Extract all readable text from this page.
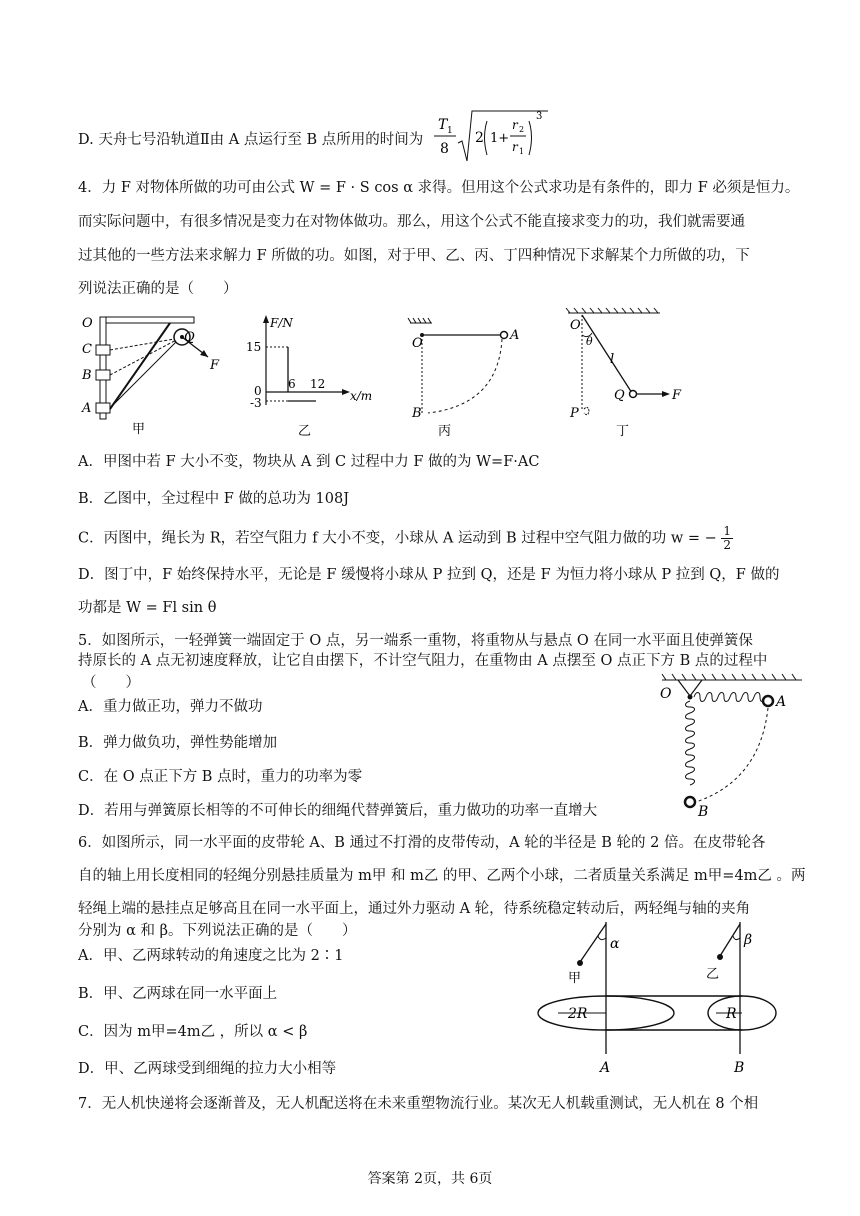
D. 天舟七号沿轨道Ⅱ由 A 点运行至 B 点所用的时间为
T 1
8
2 1+
r 2
r 1
3
4．力 F 对物体所做的功可由公式 W = F · S cos α 求得。但用这个公式求功是有条件的，即力 F 必须是恒力。
而实际问题中，有很多情况是变力在对物体做功。那么，用这个公式不能直接求变力的功，我们就需要通
过其他的一些方法来求解力 F 所做的功。如图，对于甲、乙、丙、丁四种情况下求解某个力所做的功，下
列说法正确的是（　　）
O
C
B
A
Q
F
甲
F/N
x/m
15
0
-3
6 12
乙
O
A
B
丙
O
θ
l
Q	F
P
丁
A．甲图中若 F 大小不变，物块从 A 到 C 过程中力 F 做的为 W=F·AC
B．乙图中，全过程中 F 做的总功为 108J
C．丙图中，绳长为 R，若空气阻力 f 大小不变，小球从 A 运动到 B 过程中空气阻力做的功 w = − $\frac{1}{2}$
D．图丁中，F 始终保持水平，无论是 F 缓慢将小球从 P 拉到 Q，还是 F 为恒力将小球从 P 拉到 Q，F 做的
功都是 W = Fl sin θ
5．如图所示，一轻弹簧一端固定于 O 点，另一端系一重物，将重物从与悬点 O 在同一水平面且使弹簧保
持原长的 A 点无初速度释放，让它自由摆下，不计空气阻力，在重物由 A 点摆至 O 点正下方 B 点的过程中
（　　）
A．重力做正功，弹力不做功
B．弹力做负功，弹性势能增加
C．在 O 点正下方 B 点时，重力的功率为零
D．若用与弹簧原长相等的不可伸长的细绳代替弹簧后，重力做功的功率一直增大
O	A
B
6．如图所示，同一水平面的皮带轮 A、B 通过不打滑的皮带传动，A 轮的半径是 B 轮的 2 倍。在皮带轮各
自的轴上用长度相同的轻绳分别悬挂质量为 m甲 和 m乙 的甲、乙两个小球，二者质量关系满足 m甲=4m乙 。两
轻绳上端的悬挂点足够高且在同一水平面上，通过外力驱动 A 轮，待系统稳定转动后，两轻绳与轴的夹角
分别为 α 和 β。下列说法正确的是（　　）
A．甲、乙两球转动的角速度之比为 2∶1
B．甲、乙两球在同一水平面上
C．因为 m甲=4m乙 ，所以 α < β
D．甲、乙两球受到细绳的拉力大小相等
α	β
甲	乙
2R	R
A	B
7．无人机快递将会逐渐普及，无人机配送将在未来重塑物流行业。某次无人机载重测试，无人机在 8 个相
答案第 2页，共 6页
